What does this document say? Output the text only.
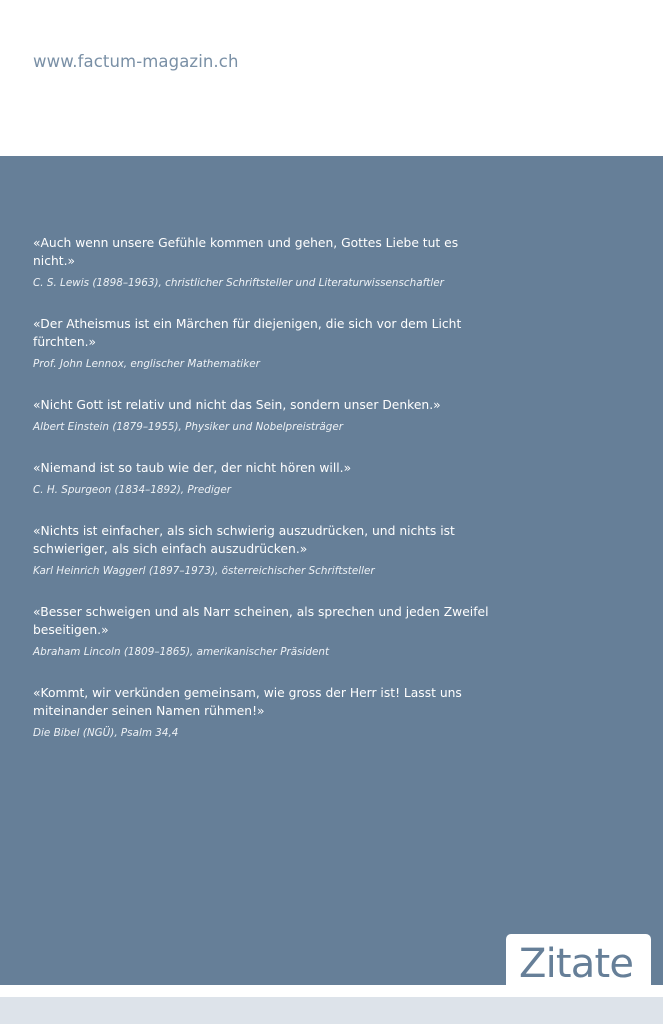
www.factum-magazin.ch

«Auch wenn unsere Gefühle kommen und gehen, Gottes Liebe tut es nicht.»

C. S. Lewis (1898–1963), christlicher Schriftsteller und Literaturwissenschaftler

«Der Atheismus ist ein Märchen für diejenigen, die sich vor dem Licht fürchten.»

Prof. John Lennox, englischer Mathematiker

«Nicht Gott ist relativ und nicht das Sein, sondern unser Denken.»

Albert Einstein (1879–1955), Physiker und Nobelpreisträger

«Niemand ist so taub wie der, der nicht hören will.»

C. H. Spurgeon (1834–1892), Prediger

«Nichts ist einfacher, als sich schwierig auszudrücken, und nichts ist schwieriger, als sich einfach auszudrücken.»

Karl Heinrich Waggerl (1897–1973), österreichischer Schriftsteller

«Besser schweigen und als Narr scheinen, als sprechen und jeden Zweifel beseitigen.»

Abraham Lincoln (1809–1865), amerikanischer Präsident

«Kommt, wir verkünden gemeinsam, wie gross der Herr ist! Lasst uns miteinander seinen Namen rühmen!»

Die Bibel (NGÜ), Psalm 34,4

Zitate
